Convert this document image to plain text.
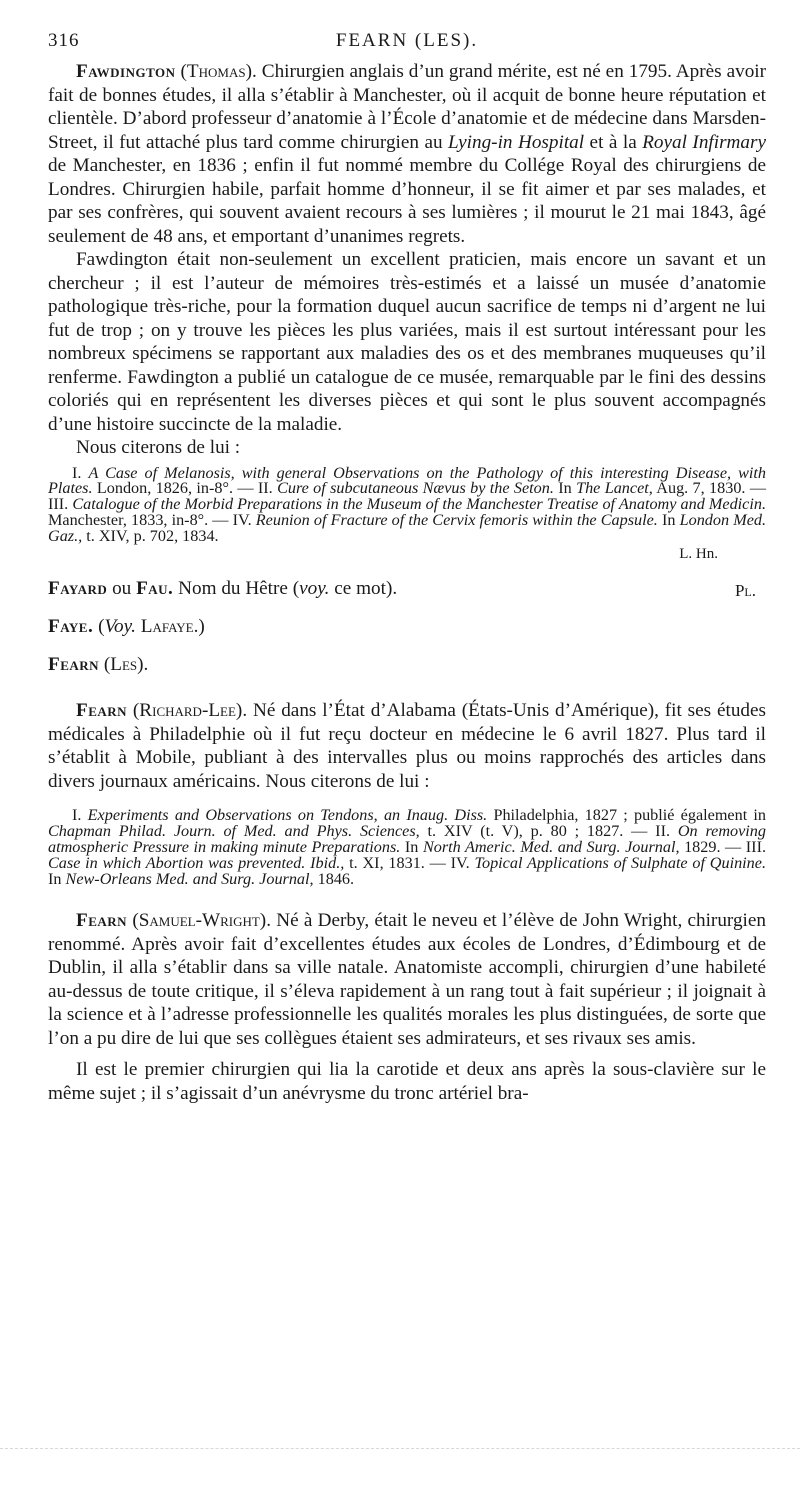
316	FEARN (LES).

Fawdington (Thomas). Chirurgien anglais d’un grand mérite, est né en 1795. Après avoir fait de bonnes études, il alla s’établir à Manchester, où il acquit de bonne heure réputation et clientèle. D’abord professeur d’anatomie à l’École d’anatomie et de médecine dans Marsden-Street, il fut attaché plus tard comme chirurgien au Lying-in Hospital et à la Royal Infirmary de Manchester, en 1836 ; enfin il fut nommé membre du Collége Royal des chirurgiens de Londres. Chirurgien habile, parfait homme d’honneur, il se fit aimer et par ses malades, et par ses confrères, qui souvent avaient recours à ses lumières ; il mourut le 21 mai 1843, âgé seulement de 48 ans, et emportant d’unanimes regrets.

Fawdington était non-seulement un excellent praticien, mais encore un savant et un chercheur ; il est l’auteur de mémoires très-estimés et a laissé un musée d’anatomie pathologique très-riche, pour la formation duquel aucun sacrifice de temps ni d’argent ne lui fut de trop ; on y trouve les pièces les plus variées, mais il est surtout intéressant pour les nombreux spécimens se rapportant aux maladies des os et des membranes muqueuses qu’il renferme. Fawdington a publié un catalogue de ce musée, remarquable par le fini des dessins coloriés qui en représentent les diverses pièces et qui sont le plus souvent accompagnés d’une histoire succincte de la maladie.

Nous citerons de lui :

I. A Case of Melanosis, with general Observations on the Pathology of this interesting Disease, with Plates. London, 1826, in-8°. — II. Cure of subcutaneous Nævus by the Seton. In The Lancet, Aug. 7, 1830. — III. Catalogue of the Morbid Preparations in the Museum of the Manchester Treatise of Anatomy and Medicin. Manchester, 1833, in-8°. — IV. Reunion of Fracture of the Cervix femoris within the Capsule. In London Med. Gaz., t. XIV, p. 702, 1834.

L. Hn.
Fayard ou Fau. Nom du Hêtre (voy. ce mot).	Pl.
Faye. (Voy. Lafaye.)
Fearn (Les).

Fearn (Richard-Lee). Né dans l’État d’Alabama (États-Unis d’Amérique), fit ses études médicales à Philadelphie où il fut reçu docteur en médecine le 6 avril 1827. Plus tard il s’établit à Mobile, publiant à des intervalles plus ou moins rapprochés des articles dans divers journaux américains. Nous citerons de lui :

I. Experiments and Observations on Tendons, an Inaug. Diss. Philadelphia, 1827 ; publié également in Chapman Philad. Journ. of Med. and Phys. Sciences, t. XIV (t. V), p. 80 ; 1827. — II. On removing atmospheric Pressure in making minute Preparations. In North Americ. Med. and Surg. Journal, 1829. — III. Case in which Abortion was prevented. Ibid., t. XI, 1831. — IV. Topical Applications of Sulphate of Quinine. In New-Orleans Med. and Surg. Journal, 1846.

Fearn (Samuel-Wright). Né à Derby, était le neveu et l’élève de John Wright, chirurgien renommé. Après avoir fait d’excellentes études aux écoles de Londres, d’Édimbourg et de Dublin, il alla s’établir dans sa ville natale. Anatomiste accompli, chirurgien d’une habileté au-dessus de toute critique, il s’éleva rapidement à un rang tout à fait supérieur ; il joignait à la science et à l’adresse professionnelle les qualités morales les plus distinguées, de sorte que l’on a pu dire de lui que ses collègues étaient ses admirateurs, et ses rivaux ses amis.

Il est le premier chirurgien qui lia la carotide et deux ans après la sous-clavière sur le même sujet ; il s’agissait d’un anévrysme du tronc artériel bra-
